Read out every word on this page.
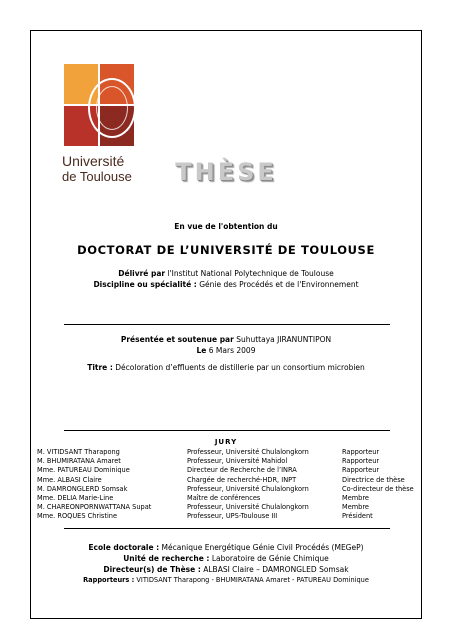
Université
de Toulouse	THÈSE
En vue de l'obtention du
DOCTORAT DE L’UNIVERSITÉ DE TOULOUSE
Délivré par l'Institut National Polytechnique de Toulouse
Discipline ou spécialité : Génie des Procédés et de l'Environnement
Présentée et soutenue par Suhuttaya JIRANUNTIPON
Le 6 Mars 2009
Titre : Décoloration d’effluents de distillerie par un consortium microbien
JURY
M. VITIDSANT Tharapong	Professeur, Université Chulalongkorn	Rapporteur
M. BHUMIRATANA Amaret	Professeur, Université Mahidol	Rapporteur
Mme. PATUREAU Dominique	Directeur de Recherche de l’INRA	Rapporteur
Mme. ALBASI Claire	Chargée de recherché-HDR, INPT	Directrice de thèse
M. DAMRONGLERD Somsak	Professeur, Université Chulalongkorn	Co-directeur de thèse
Mme. DELIA Marie-Line	Maître de conférences	Membre
M. CHAREONPORNWATTANA Supat	Professeur, Université Chulalongkorn	Membre
Mme. ROQUES Christine	Professeur, UPS-Toulouse III	Président
Ecole doctorale : Mécanique Energétique Génie Civil Procédés (MEGeP)
Unité de recherche : Laboratoire de Génie Chimique
Directeur(s) de Thèse : ALBASI Claire – DAMRONGLED Somsak
Rapporteurs : VITIDSANT Tharapong - BHUMIRATANA Amaret - PATUREAU Dominique
